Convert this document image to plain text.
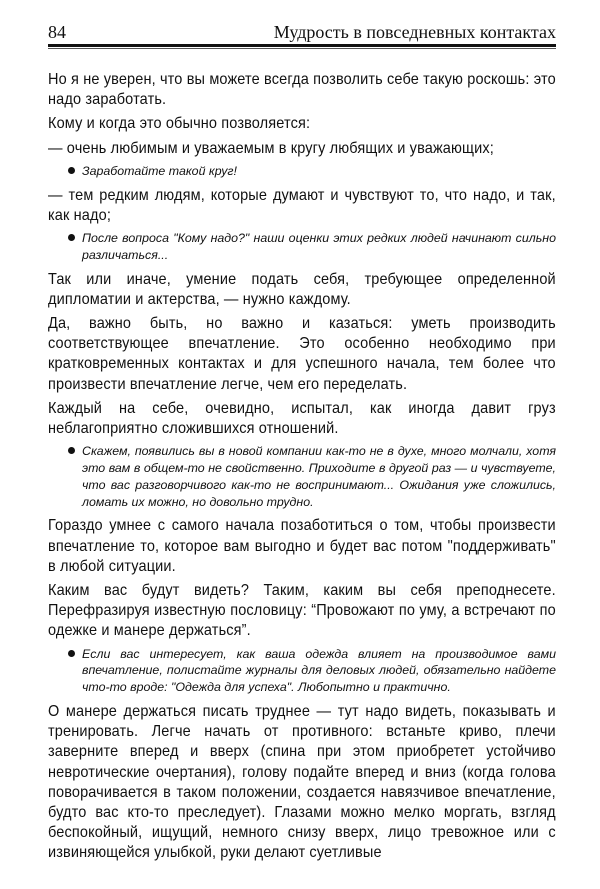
84	Мудрость в повседневных контактах

Но я не уверен, что вы можете всегда позволить себе такую роскошь: это надо заработать.

Кому и когда это обычно позволяется:

— очень любимым и уважаемым в кругу любящих и уважающих;

Заработайте такой круг!

— тем редким людям, которые думают и чувствуют то, что надо, и так, как надо;

После вопроса "Кому надо?" наши оценки этих редких людей начинают сильно различаться...

Так или иначе, умение подать себя, требующее определенной дипломатии и актерства, — нужно каждому.

Да, важно быть, но важно и казаться: уметь производить соответствующее впечатление. Это особенно необходимо при кратковременных контактах и для успешного начала, тем более что произвести впечатление легче, чем его переделать.

Каждый на себе, очевидно, испытал, как иногда давит груз неблагоприятно сложившихся отношений.

Скажем, появились вы в новой компании как-то не в духе, много молчали, хотя это вам в общем-то не свойственно. Приходите в другой раз — и чувствуете, что вас разговорчивого как-то не воспринимают... Ожидания уже сложились, ломать их можно, но довольно трудно.

Гораздо умнее с самого начала позаботиться о том, чтобы произвести впечатление то, которое вам выгодно и будет вас потом "поддерживать" в любой ситуации.

Каким вас будут видеть? Таким, каким вы себя преподнесете. Перефразируя известную пословицу: “Провожают по уму, а встречают по одежке и манере держаться”.

Если вас интересует, как ваша одежда влияет на производимое вами впечатление, полистайте журналы для деловых людей, обязательно найдете что-то вроде: "Одежда для успеха". Любопытно и практично.

О манере держаться писать труднее — тут надо видеть, показывать и тренировать. Легче начать от противного: встаньте криво, плечи заверните вперед и вверх (спина при этом приобретет устойчиво невротические очертания), голову подайте вперед и вниз (когда голова поворачивается в таком положении, создается навязчивое впечатление, будто вас кто-то преследует). Глазами можно мелко моргать, взгляд беспокойный, ищущий, немного снизу вверх, лицо тревожное или с извиняющейся улыбкой, руки делают суетливые
